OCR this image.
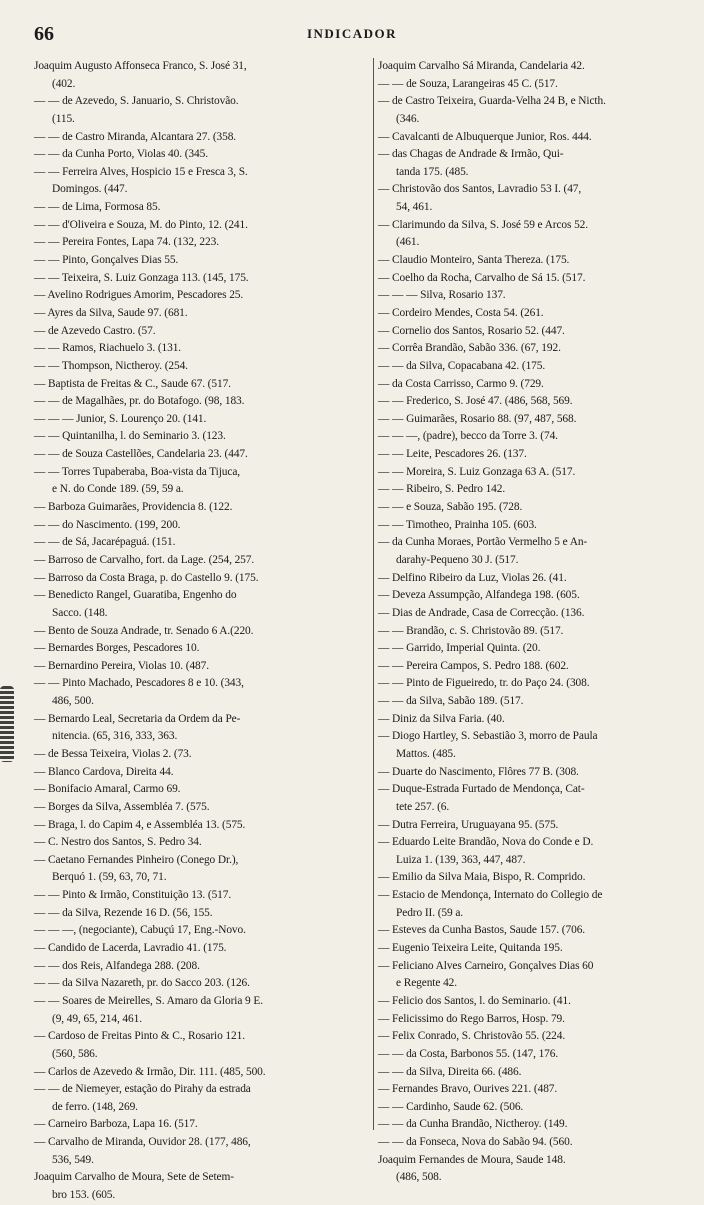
66	INDICADOR
Joaquim Augusto Affonseca Franco, S. José 31,
(402.
— — de Azevedo, S. Januario, S. Christovão.
(115.
— — de Castro Miranda, Alcantara 27. (358.
— — da Cunha Porto, Violas 40. (345.
— — Ferreira Alves, Hospicio 15 e Fresca 3, S.
Domingos. (447.
— — de Lima, Formosa 85.
— — d'Oliveira e Souza, M. do Pinto, 12. (241.
— — Pereira Fontes, Lapa 74. (132, 223.
— — Pinto, Gonçalves Dias 55.
— — Teixeira, S. Luiz Gonzaga 113. (145, 175.
— Avelino Rodrigues Amorim, Pescadores 25.
— Ayres da Silva, Saude 97. (681.
— de Azevedo Castro. (57.
— — Ramos, Riachuelo 3. (131.
— — Thompson, Nictheroy. (254.
— Baptista de Freitas & C., Saude 67. (517.
— — de Magalhães, pr. do Botafogo. (98, 183.
— — — Junior, S. Lourenço 20. (141.
— — Quintanilha, l. do Seminario 3. (123.
— — de Souza Castellões, Candelaria 23. (447.
— — Torres Tupaberaba, Boa-vista da Tijuca,
e N. do Conde 189. (59, 59 a.
— Barboza Guimarães, Providencia 8. (122.
— — do Nascimento. (199, 200.
— — de Sá, Jacarépaguá. (151.
— Barroso de Carvalho, fort. da Lage. (254, 257.
— Barroso da Costa Braga, p. do Castello 9. (175.
— Benedicto Rangel, Guaratiba, Engenho do
Sacco. (148.
— Bento de Souza Andrade, tr. Senado 6 A.(220.
— Bernardes Borges, Pescadores 10.
— Bernardino Pereira, Violas 10. (487.
— — Pinto Machado, Pescadores 8 e 10. (343,
486, 500.
— Bernardo Leal, Secretaria da Ordem da Pe-
nitencia. (65, 316, 333, 363.
— de Bessa Teixeira, Violas 2. (73.
— Blanco Cardova, Direita 44.
— Bonifacio Amaral, Carmo 69.
— Borges da Silva, Assembléa 7. (575.
— Braga, l. do Capim 4, e Assembléa 13. (575.
— C. Nestro dos Santos, S. Pedro 34.
— Caetano Fernandes Pinheiro (Conego Dr.),
Berquó 1. (59, 63, 70, 71.
— — Pinto & Irmão, Constituição 13. (517.
— — da Silva, Rezende 16 D. (56, 155.
— — —, (negociante), Cabuçú 17, Eng.-Novo.
— Candido de Lacerda, Lavradio 41. (175.
— — dos Reis, Alfandega 288. (208.
— — da Silva Nazareth, pr. do Sacco 203. (126.
— — Soares de Meirelles, S. Amaro da Gloria 9 E.
(9, 49, 65, 214, 461.
— Cardoso de Freitas Pinto & C., Rosario 121.
(560, 586.
— Carlos de Azevedo & Irmão, Dir. 111. (485, 500.
— — de Niemeyer, estação do Pirahy da estrada
de ferro. (148, 269.
— Carneiro Barboza, Lapa 16. (517.
— Carvalho de Miranda, Ouvidor 28. (177, 486,
536, 549.
Joaquim Carvalho de Moura, Sete de Setem-
bro 153. (605.
Joaquim Carvalho Sá Miranda, Candelaria 42.
— — de Souza, Larangeiras 45 C. (517.
— de Castro Teixeira, Guarda-Velha 24 B, e Nicth.
(346.
— Cavalcanti de Albuquerque Junior, Ros. 444.
— das Chagas de Andrade & Irmão, Qui-
tanda 175. (485.
— Christovão dos Santos, Lavradio 53 I. (47,
54, 461.
— Clarimundo da Silva, S. José 59 e Arcos 52.
(461.
— Claudio Monteiro, Santa Thereza. (175.
— Coelho da Rocha, Carvalho de Sá 15. (517.
— — — Silva, Rosario 137.
— Cordeiro Mendes, Costa 54. (261.
— Cornelio dos Santos, Rosario 52. (447.
— Corrêa Brandão, Sabão 336. (67, 192.
— — da Silva, Copacabana 42. (175.
— da Costa Carrisso, Carmo 9. (729.
— — Frederico, S. José 47. (486, 568, 569.
— — Guimarães, Rosario 88. (97, 487, 568.
— — —, (padre), becco da Torre 3. (74.
— — Leite, Pescadores 26. (137.
— — Moreira, S. Luiz Gonzaga 63 A. (517.
— — Ribeiro, S. Pedro 142.
— — e Souza, Sabão 195. (728.
— — Timotheo, Prainha 105. (603.
— da Cunha Moraes, Portão Vermelho 5 e An-
darahy-Pequeno 30 J. (517.
— Delfino Ribeiro da Luz, Violas 26. (41.
— Deveza Assumpção, Alfandega 198. (605.
— Dias de Andrade, Casa de Correcção. (136.
— — Brandão, c. S. Christovão 89. (517.
— — Garrido, Imperial Quinta. (20.
— — Pereira Campos, S. Pedro 188. (602.
— — Pinto de Figueiredo, tr. do Paço 24. (308.
— — da Silva, Sabão 189. (517.
— Diniz da Silva Faria. (40.
— Diogo Hartley, S. Sebastião 3, morro de Paula
Mattos. (485.
— Duarte do Nascimento, Flôres 77 B. (308.
— Duque-Estrada Furtado de Mendonça, Cat-
tete 257. (6.
— Dutra Ferreira, Uruguayana 95. (575.
— Eduardo Leite Brandão, Nova do Conde e D.
Luiza 1. (139, 363, 447, 487.
— Emilio da Silva Maia, Bispo, R. Comprido.
— Estacio de Mendonça, Internato do Collegio de
Pedro II. (59 a.
— Esteves da Cunha Bastos, Saude 157. (706.
— Eugenio Teixeira Leite, Quitanda 195.
— Feliciano Alves Carneiro, Gonçalves Dias 60
e Regente 42.
— Felicio dos Santos, l. do Seminario. (41.
— Felicissimo do Rego Barros, Hosp. 79.
— Felix Conrado, S. Christovão 55. (224.
— — da Costa, Barbonos 55. (147, 176.
— — da Silva, Direita 66. (486.
— Fernandes Bravo, Ourives 221. (487.
— — Cardinho, Saude 62. (506.
— — da Cunha Brandão, Nictheroy. (149.
— — da Fonseca, Nova do Sabão 94. (560.
Joaquim Fernandes de Moura, Saude 148.
(486, 508.
